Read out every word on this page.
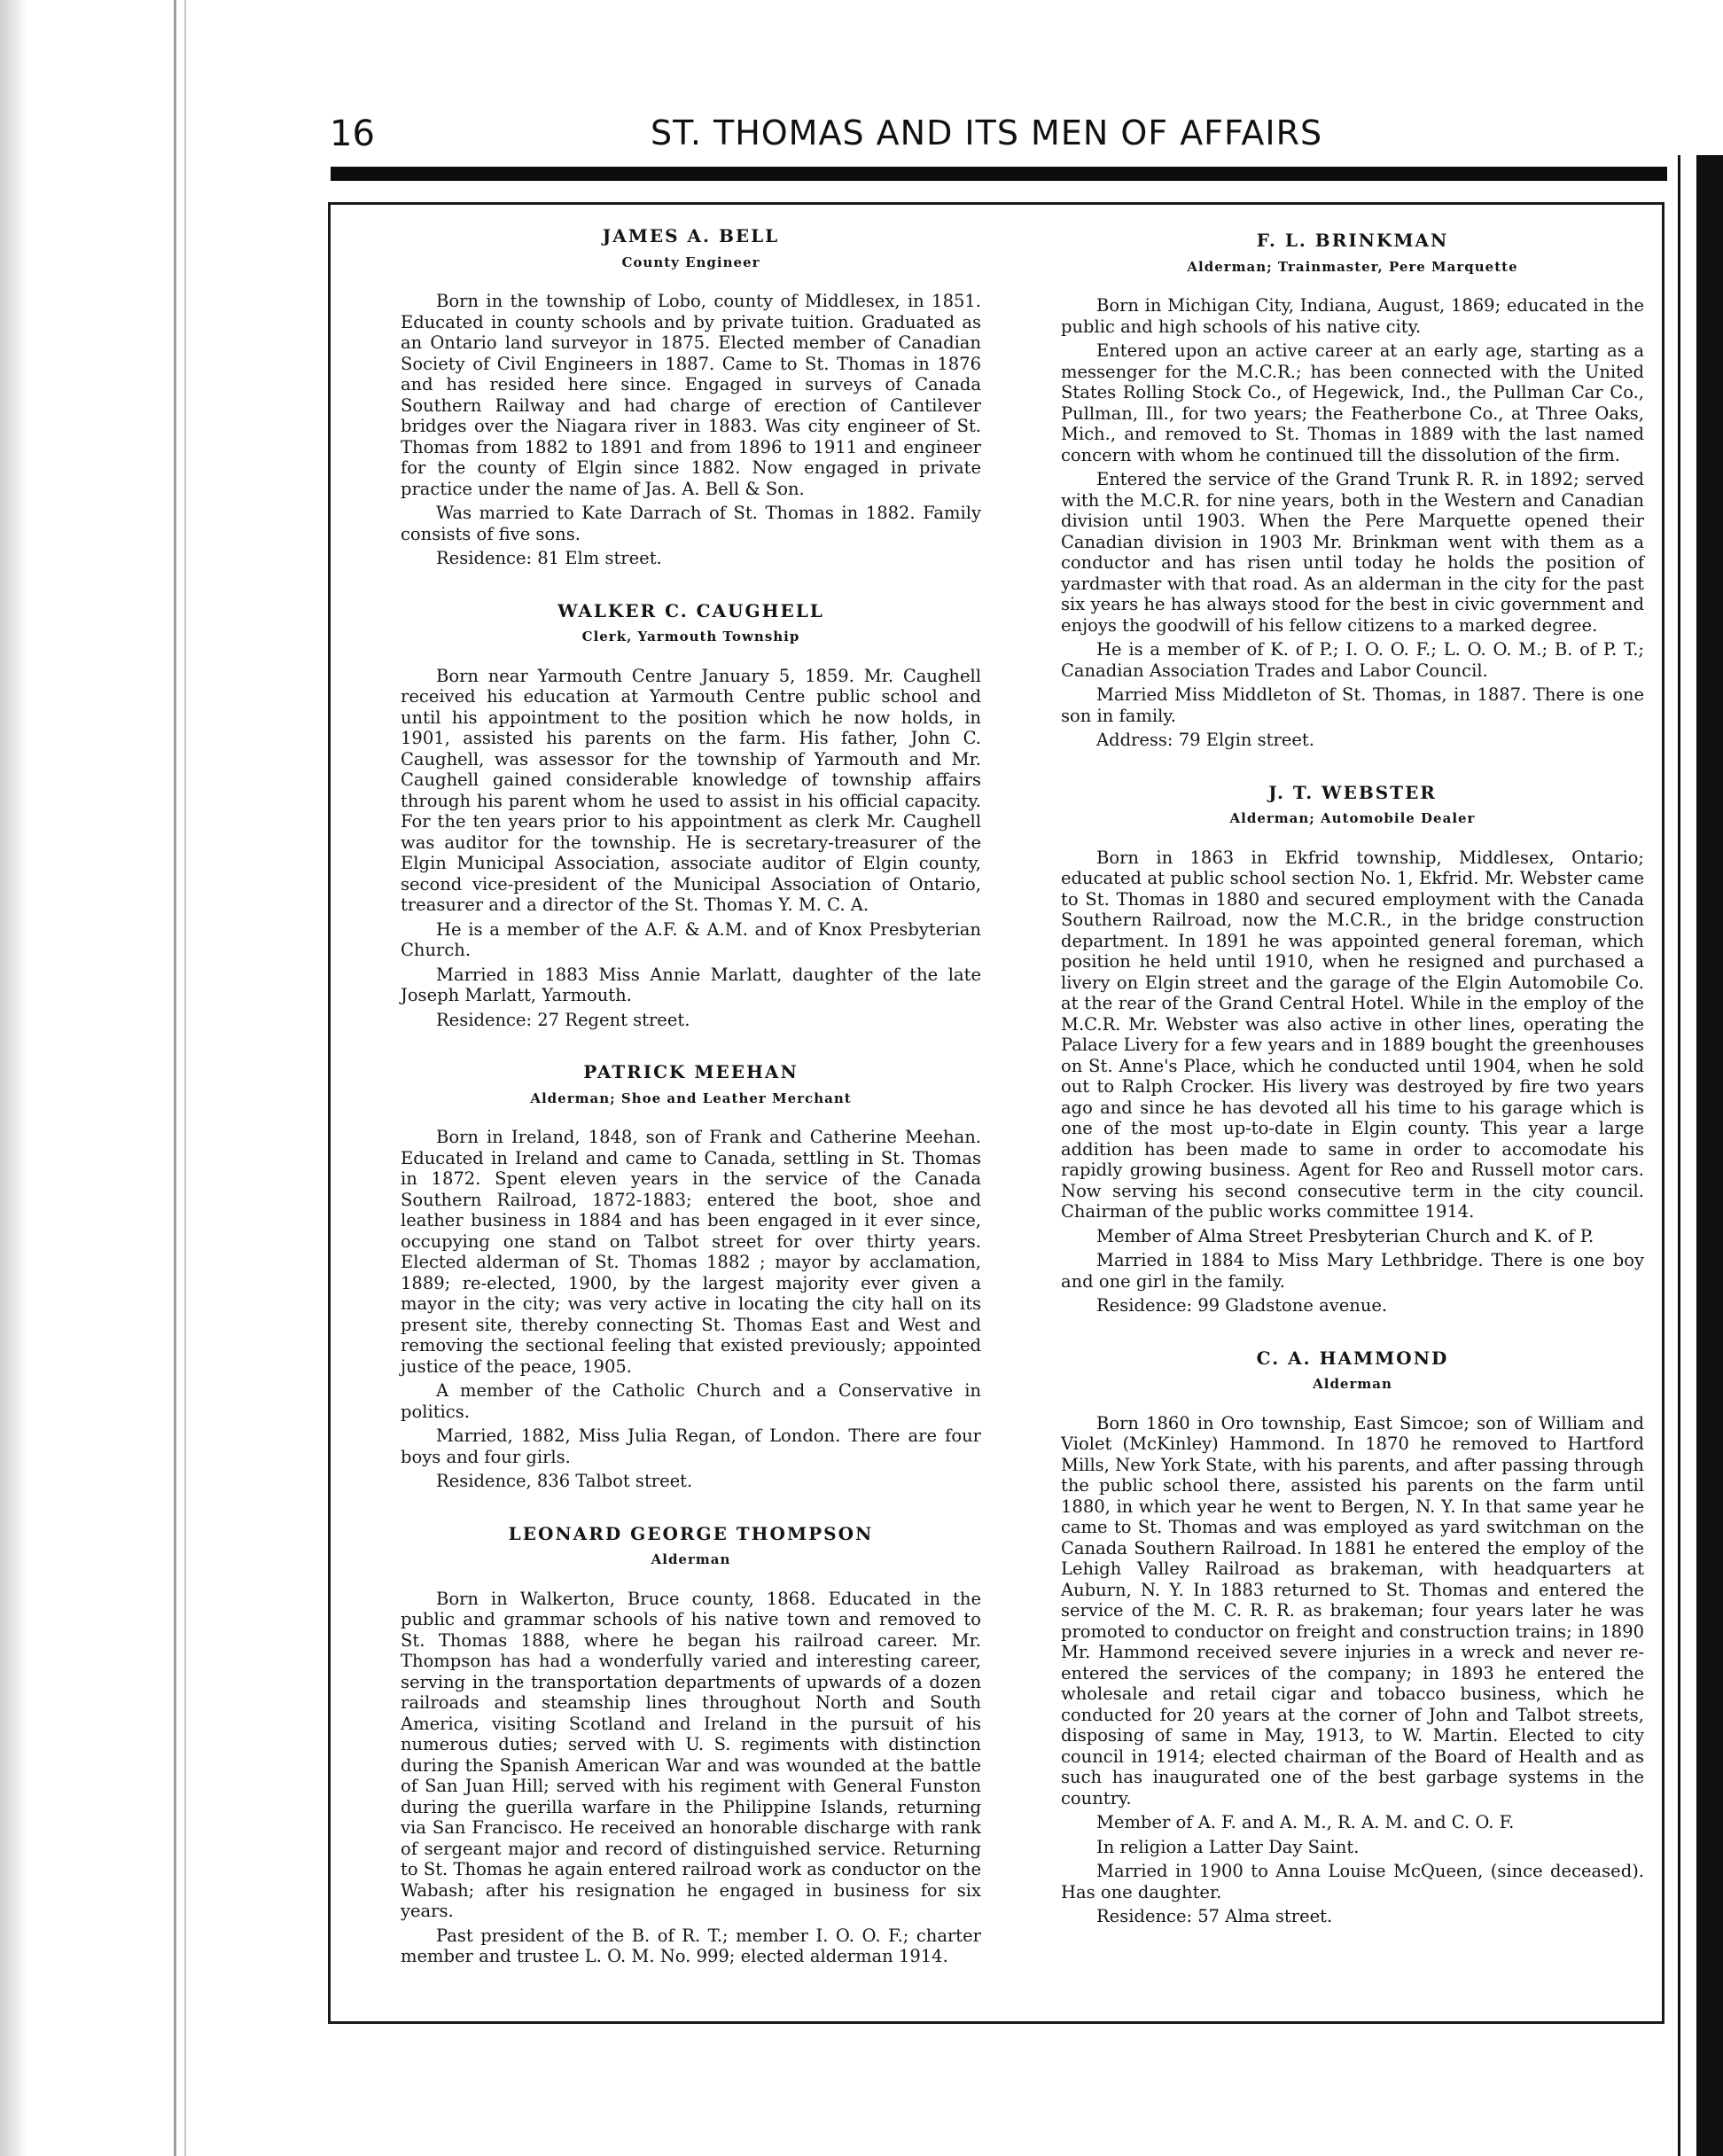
16	ST. THOMAS AND ITS MEN OF AFFAIRS
JAMES A. BELL
County Engineer

Born in the township of Lobo, county of Middlesex, in 1851. Educated in county schools and by private tuition. Graduated as an Ontario land surveyor in 1875. Elected member of Canadian Society of Civil Engineers in 1887. Came to St. Thomas in 1876 and has resided here since. Engaged in surveys of Canada Southern Railway and had charge of erection of Cantilever bridges over the Niagara river in 1883. Was city engineer of St. Thomas from 1882 to 1891 and from 1896 to 1911 and engineer for the county of Elgin since 1882. Now engaged in private practice under the name of Jas. A. Bell & Son.

Was married to Kate Darrach of St. Thomas in 1882. Family consists of five sons.

Residence: 81 Elm street.

WALKER C. CAUGHELL
Clerk, Yarmouth Township

Born near Yarmouth Centre January 5, 1859. Mr. Caughell received his education at Yarmouth Centre public school and until his appointment to the position which he now holds, in 1901, assisted his parents on the farm. His father, John C. Caughell, was assessor for the township of Yarmouth and Mr. Caughell gained considerable knowledge of township affairs through his parent whom he used to assist in his official capacity. For the ten years prior to his appointment as clerk Mr. Caughell was auditor for the township. He is secretary-treasurer of the Elgin Municipal Association, associate auditor of Elgin county, second vice-president of the Municipal Association of Ontario, treasurer and a director of the St. Thomas Y. M. C. A.

He is a member of the A.F. & A.M. and of Knox Presbyterian Church.

Married in 1883 Miss Annie Marlatt, daughter of the late Joseph Marlatt, Yarmouth.

Residence: 27 Regent street.

PATRICK MEEHAN
Alderman; Shoe and Leather Merchant

Born in Ireland, 1848, son of Frank and Catherine Meehan. Educated in Ireland and came to Canada, settling in St. Thomas in 1872. Spent eleven years in the service of the Canada Southern Railroad, 1872-1883; entered the boot, shoe and leather business in 1884 and has been engaged in it ever since, occupying one stand on Talbot street for over thirty years. Elected alderman of St. Thomas 1882 ; mayor by acclamation, 1889; re-elected, 1900, by the largest majority ever given a mayor in the city; was very active in locating the city hall on its present site, thereby connecting St. Thomas East and West and removing the sectional feeling that existed previously; appointed justice of the peace, 1905.

A member of the Catholic Church and a Conservative in politics.

Married, 1882, Miss Julia Regan, of London. There are four boys and four girls.

Residence, 836 Talbot street.

LEONARD GEORGE THOMPSON
Alderman

Born in Walkerton, Bruce county, 1868. Educated in the public and grammar schools of his native town and removed to St. Thomas 1888, where he began his railroad career. Mr. Thompson has had a wonderfully varied and interesting career, serving in the transportation departments of upwards of a dozen railroads and steamship lines throughout North and South America, visiting Scotland and Ireland in the pursuit of his numerous duties; served with U. S. regiments with distinction during the Spanish American War and was wounded at the battle of San Juan Hill; served with his regiment with General Funston during the guerilla warfare in the Philippine Islands, returning via San Francisco. He received an honorable discharge with rank of sergeant major and record of distinguished service. Returning to St. Thomas he again entered railroad work as conductor on the Wabash; after his resignation he engaged in business for six years.

Past president of the B. of R. T.; member I. O. O. F.; charter member and trustee L. O. M. No. 999; elected alderman 1914.

F. L. BRINKMAN
Alderman; Trainmaster, Pere Marquette

Born in Michigan City, Indiana, August, 1869; educated in the public and high schools of his native city.

Entered upon an active career at an early age, starting as a messenger for the M.C.R.; has been connected with the United States Rolling Stock Co., of Hegewick, Ind., the Pullman Car Co., Pullman, Ill., for two years; the Featherbone Co., at Three Oaks, Mich., and removed to St. Thomas in 1889 with the last named concern with whom he continued till the dissolution of the firm.

Entered the service of the Grand Trunk R. R. in 1892; served with the M.C.R. for nine years, both in the Western and Canadian division until 1903. When the Pere Marquette opened their Canadian division in 1903 Mr. Brinkman went with them as a conductor and has risen until today he holds the position of yardmaster with that road. As an alderman in the city for the past six years he has always stood for the best in civic government and enjoys the goodwill of his fellow citizens to a marked degree.

He is a member of K. of P.; I. O. O. F.; L. O. O. M.; B. of P. T.; Canadian Association Trades and Labor Council.

Married Miss Middleton of St. Thomas, in 1887. There is one son in family.

Address: 79 Elgin street.

J. T. WEBSTER
Alderman; Automobile Dealer

Born in 1863 in Ekfrid township, Middlesex, Ontario; educated at public school section No. 1, Ekfrid. Mr. Webster came to St. Thomas in 1880 and secured employment with the Canada Southern Railroad, now the M.C.R., in the bridge construction department. In 1891 he was appointed general foreman, which position he held until 1910, when he resigned and purchased a livery on Elgin street and the garage of the Elgin Automobile Co. at the rear of the Grand Central Hotel. While in the employ of the M.C.R. Mr. Webster was also active in other lines, operating the Palace Livery for a few years and in 1889 bought the greenhouses on St. Anne's Place, which he conducted until 1904, when he sold out to Ralph Crocker. His livery was destroyed by fire two years ago and since he has devoted all his time to his garage which is one of the most up-to-date in Elgin county. This year a large addition has been made to same in order to accomodate his rapidly growing business. Agent for Reo and Russell motor cars. Now serving his second consecutive term in the city council. Chairman of the public works committee 1914.

Member of Alma Street Presbyterian Church and K. of P.

Married in 1884 to Miss Mary Lethbridge. There is one boy and one girl in the family.

Residence: 99 Gladstone avenue.

C. A. HAMMOND
Alderman

Born 1860 in Oro township, East Simcoe; son of William and Violet (McKinley) Hammond. In 1870 he removed to Hartford Mills, New York State, with his parents, and after passing through the public school there, assisted his parents on the farm until 1880, in which year he went to Bergen, N. Y. In that same year he came to St. Thomas and was employed as yard switchman on the Canada Southern Railroad. In 1881 he entered the employ of the Lehigh Valley Railroad as brakeman, with headquarters at Auburn, N. Y. In 1883 returned to St. Thomas and entered the service of the M. C. R. R. as brakeman; four years later he was promoted to conductor on freight and construction trains; in 1890 Mr. Hammond received severe injuries in a wreck and never re-entered the services of the company; in 1893 he entered the wholesale and retail cigar and tobacco business, which he conducted for 20 years at the corner of John and Talbot streets, disposing of same in May, 1913, to W. Martin. Elected to city council in 1914; elected chairman of the Board of Health and as such has inaugurated one of the best garbage systems in the country.

Member of A. F. and A. M., R. A. M. and C. O. F.

In religion a Latter Day Saint.

Married in 1900 to Anna Louise McQueen, (since deceased). Has one daughter.

Residence: 57 Alma street.
